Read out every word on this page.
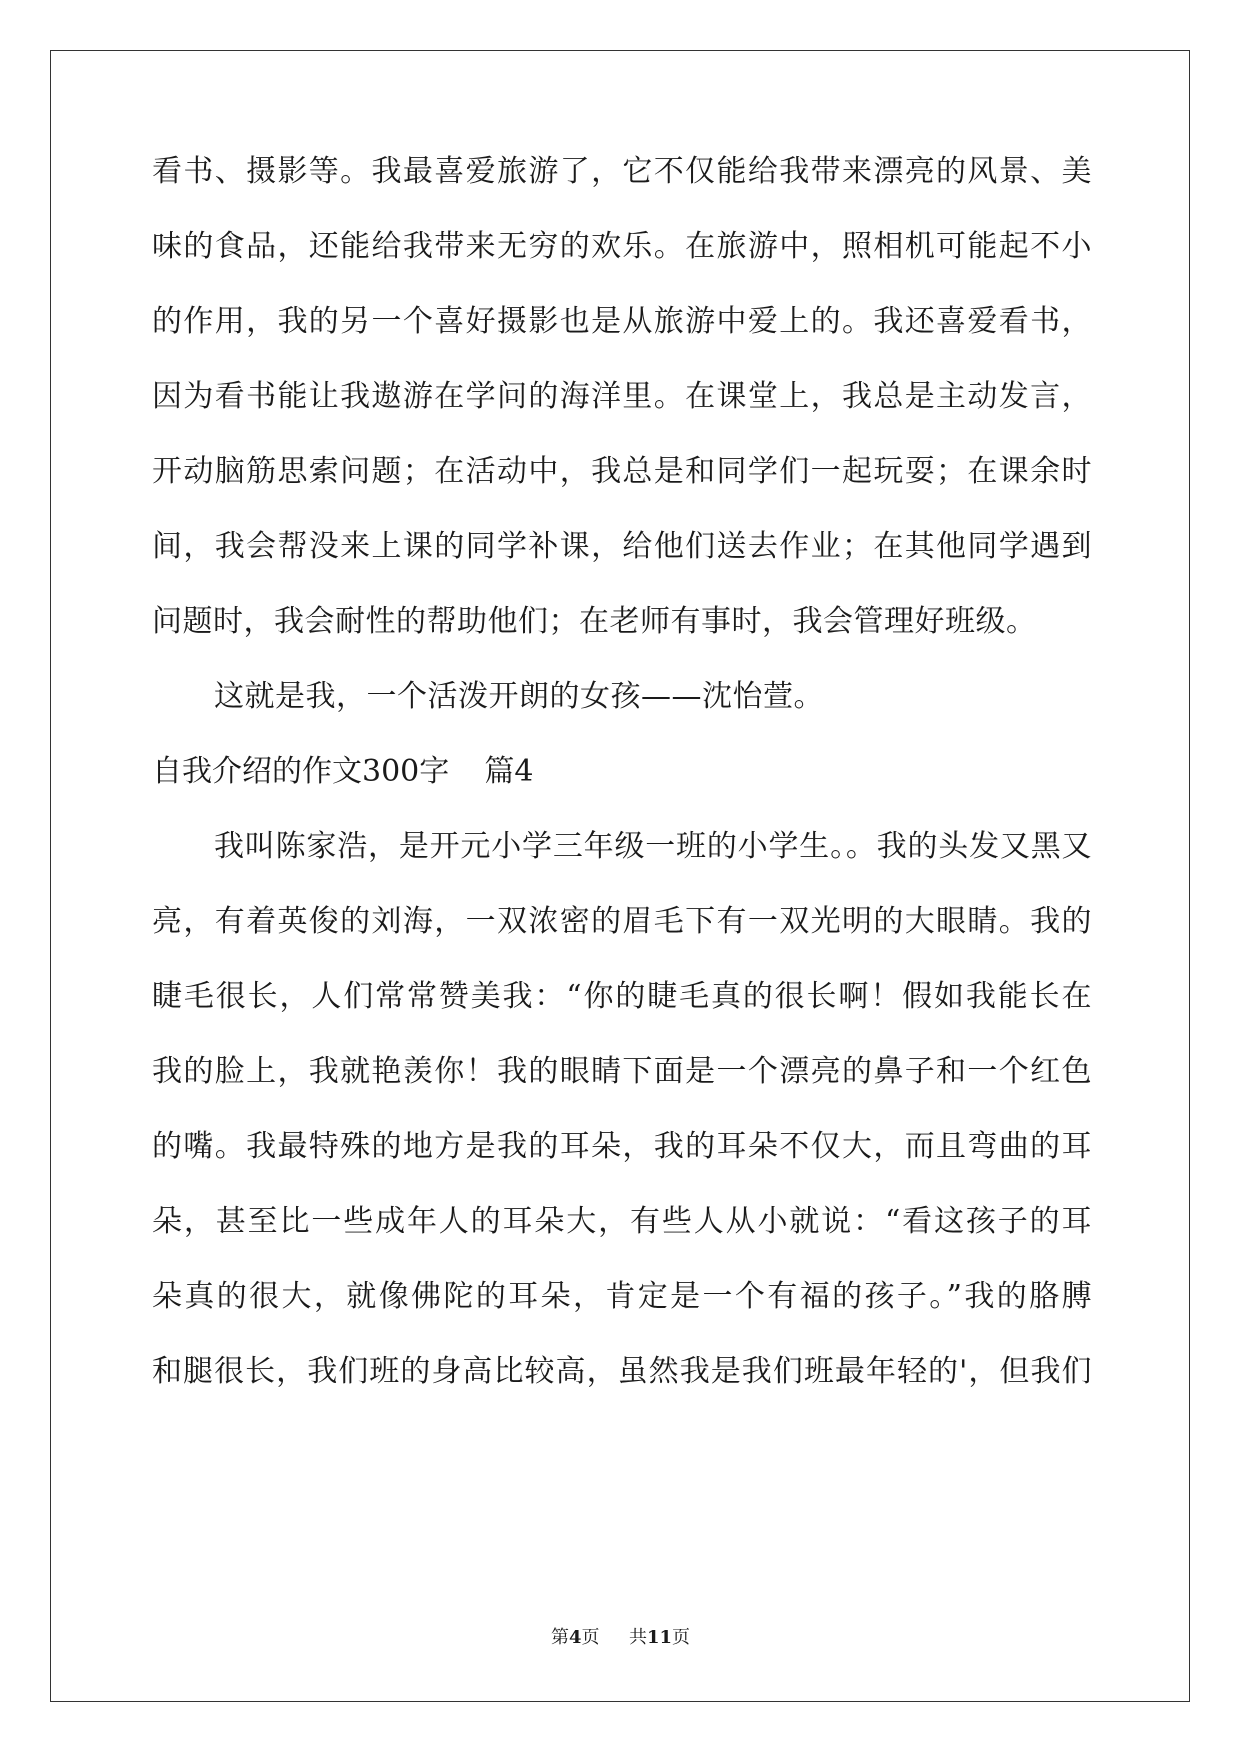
看书、摄影等。我最喜爱旅游了，它不仅能给我带来漂亮的风景、美
味的食品，还能给我带来无穷的欢乐。在旅游中，照相机可能起不小
的作用，我的另一个喜好摄影也是从旅游中爱上的。我还喜爱看书，
因为看书能让我遨游在学问的海洋里。在课堂上，我总是主动发言，
开动脑筋思索问题；在活动中，我总是和同学们一起玩耍；在课余时
间，我会帮没来上课的同学补课，给他们送去作业；在其他同学遇到
问题时，我会耐性的帮助他们；在老师有事时，我会管理好班级。
这就是我，一个活泼开朗的女孩——沈怡萱。
自我介绍的作文300字 篇4
我叫陈家浩，是开元小学三年级一班的小学生。。我的头发又黑又
亮，有着英俊的刘海，一双浓密的眉毛下有一双光明的大眼睛。我的
睫毛很长，人们常常赞美我：“你的睫毛真的很长啊！假如我能长在
我的脸上，我就艳羡你！我的眼睛下面是一个漂亮的鼻子和一个红色
的嘴。我最特殊的地方是我的耳朵，我的耳朵不仅大，而且弯曲的耳
朵，甚至比一些成年人的耳朵大，有些人从小就说：“看这孩子的耳
朵真的很大，就像佛陀的耳朵，肯定是一个有福的孩子。”我的胳膊
和腿很长，我们班的身高比较高，虽然我是我们班最年轻的'，但我们
第4页 共11页
